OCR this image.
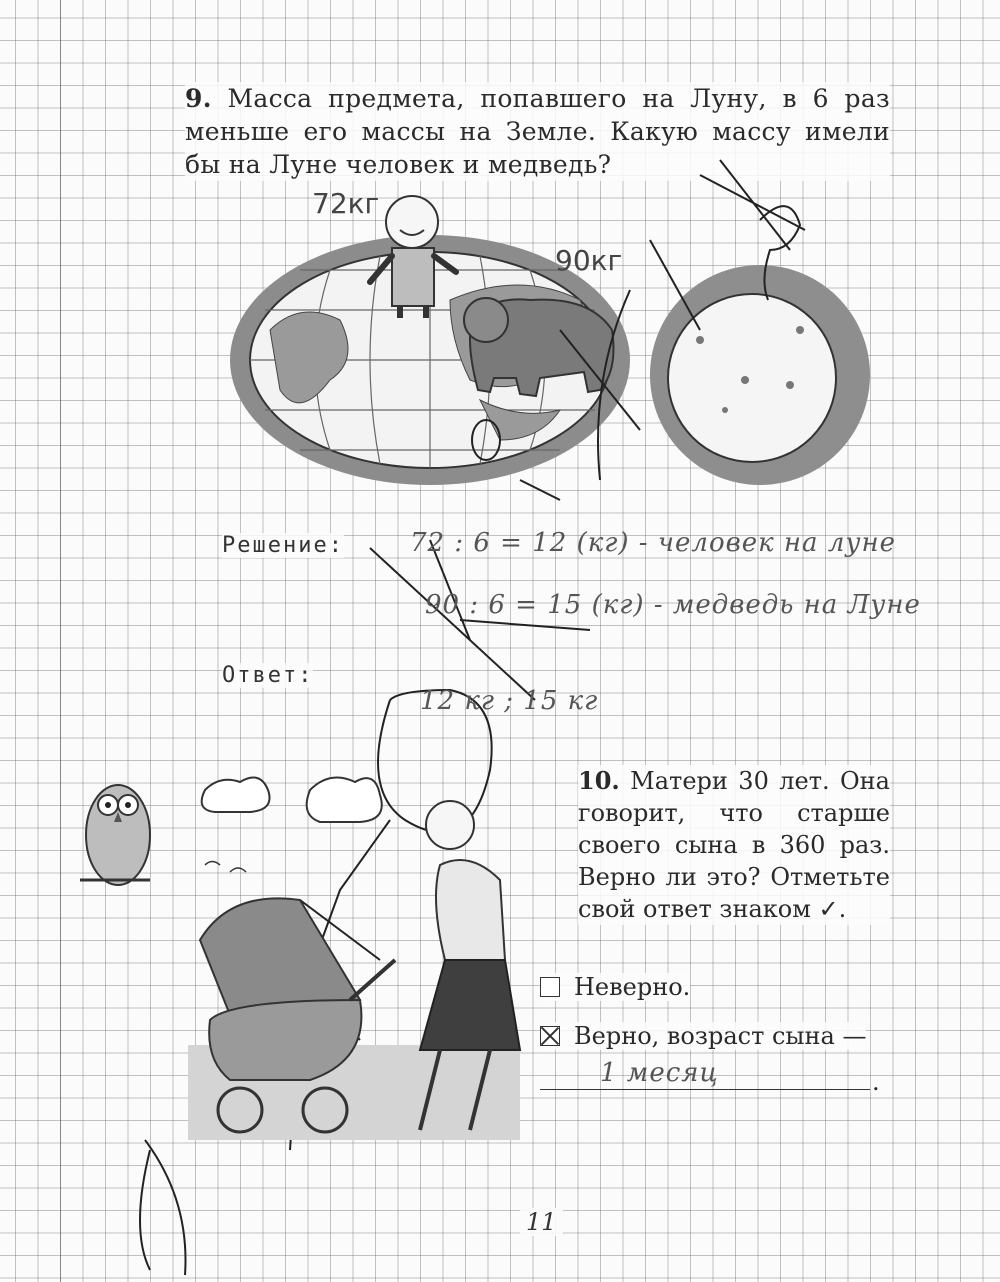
9. Масса предмета, попавшего на Луну, в 6 раз меньше его массы на Земле. Какую массу имели бы на Луне человек и медведь?
72кг
90кг
Решение:	72 : 6 = 12 (кг) - человек на луне
90 : 6 = 15 (кг) - медведь на Луне
Ответ:
12 кг ; 15 кг
10. Матери 30 лет. Она говорит, что старше своего сына в 360 раз. Верно ли это? Отметьте свой ответ знаком ✓.
Неверно.
Верно, возраст сына —
1 месяц	.
11
